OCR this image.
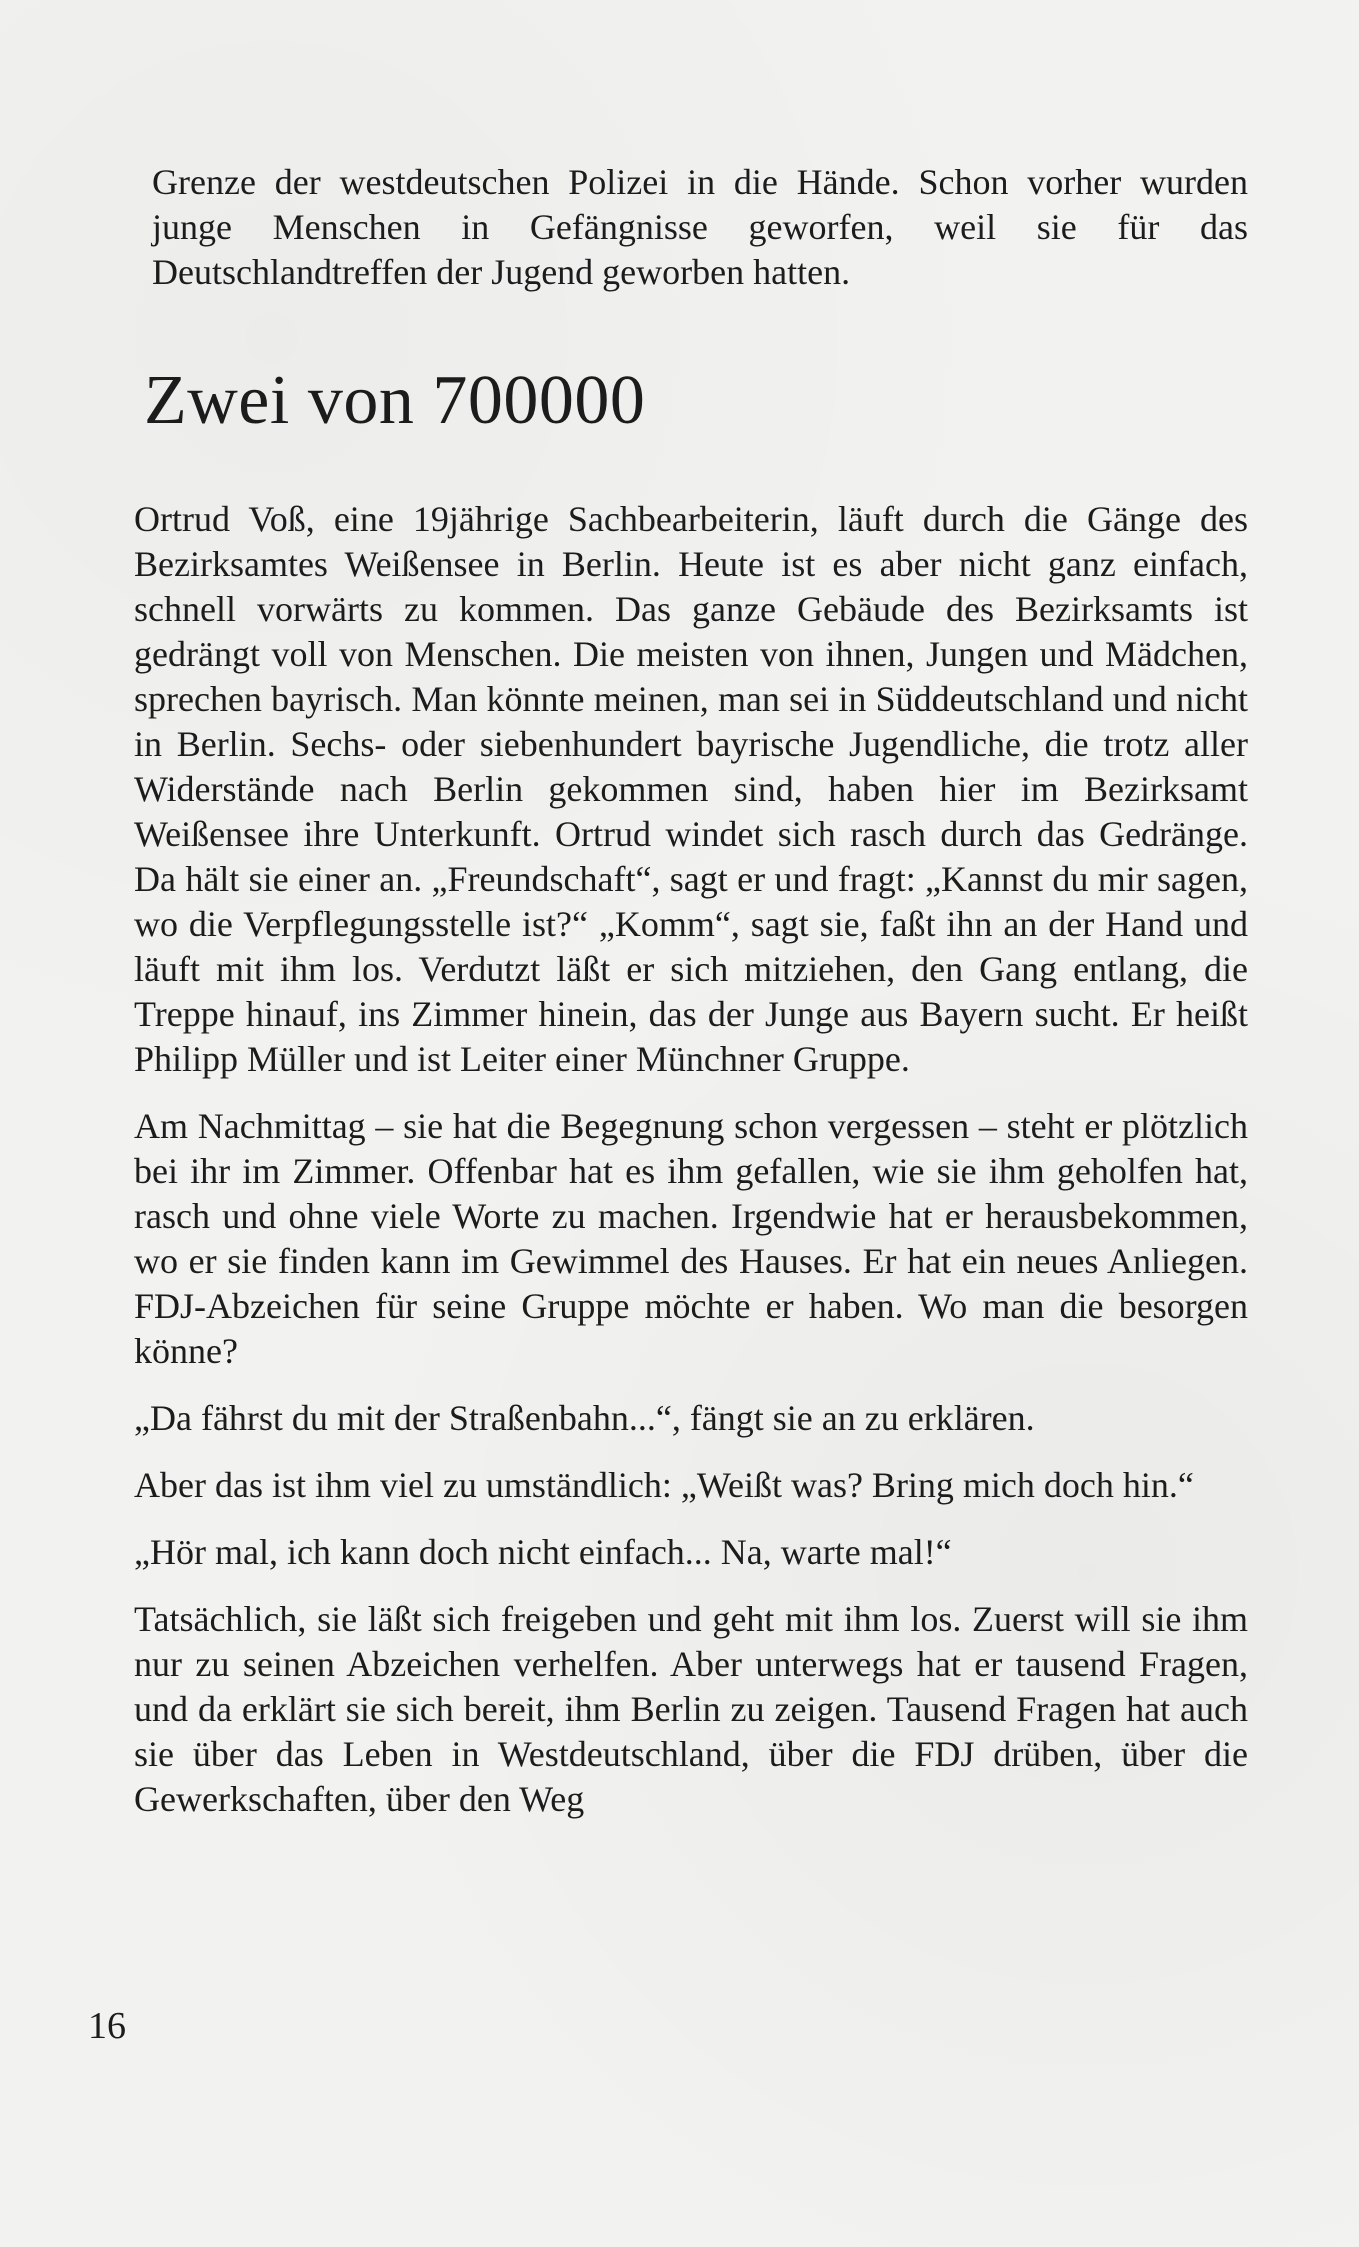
Grenze der westdeutschen Polizei in die Hände. Schon vorher wurden junge Menschen in Gefängnisse geworfen, weil sie für das Deutschlandtreffen der Jugend geworben hatten.

Zwei von 700000

Ortrud Voß, eine 19jährige Sachbearbeiterin, läuft durch die Gänge des Bezirksamtes Weißensee in Berlin. Heute ist es aber nicht ganz einfach, schnell vorwärts zu kommen. Das ganze Gebäude des Bezirksamts ist gedrängt voll von Menschen. Die meisten von ihnen, Jungen und Mädchen, sprechen bayrisch. Man könnte meinen, man sei in Süddeutschland und nicht in Berlin. Sechs- oder siebenhundert bayrische Jugendliche, die trotz aller Widerstände nach Berlin gekommen sind, haben hier im Bezirksamt Weißensee ihre Unterkunft. Ortrud windet sich rasch durch das Gedränge. Da hält sie einer an. „Freundschaft“, sagt er und fragt: „Kannst du mir sagen, wo die Verpflegungsstelle ist?“ „Komm“, sagt sie, faßt ihn an der Hand und läuft mit ihm los. Verdutzt läßt er sich mitziehen, den Gang entlang, die Treppe hinauf, ins Zimmer hinein, das der Junge aus Bayern sucht. Er heißt Philipp Müller und ist Leiter einer Münchner Gruppe.

Am Nachmittag – sie hat die Begegnung schon vergessen – steht er plötzlich bei ihr im Zimmer. Offenbar hat es ihm gefallen, wie sie ihm geholfen hat, rasch und ohne viele Worte zu machen. Irgendwie hat er herausbekommen, wo er sie finden kann im Gewimmel des Hauses. Er hat ein neues Anliegen. FDJ-Abzeichen für seine Gruppe möchte er haben. Wo man die besorgen könne?

„Da fährst du mit der Straßenbahn...“, fängt sie an zu erklären.

Aber das ist ihm viel zu umständlich: „Weißt was? Bring mich doch hin.“

„Hör mal, ich kann doch nicht einfach... Na, warte mal!“

Tatsächlich, sie läßt sich freigeben und geht mit ihm los. Zuerst will sie ihm nur zu seinen Abzeichen verhelfen. Aber unterwegs hat er tausend Fragen, und da erklärt sie sich bereit, ihm Berlin zu zeigen. Tausend Fragen hat auch sie über das Leben in Westdeutschland, über die FDJ drüben, über die Gewerkschaften, über den Weg

16
